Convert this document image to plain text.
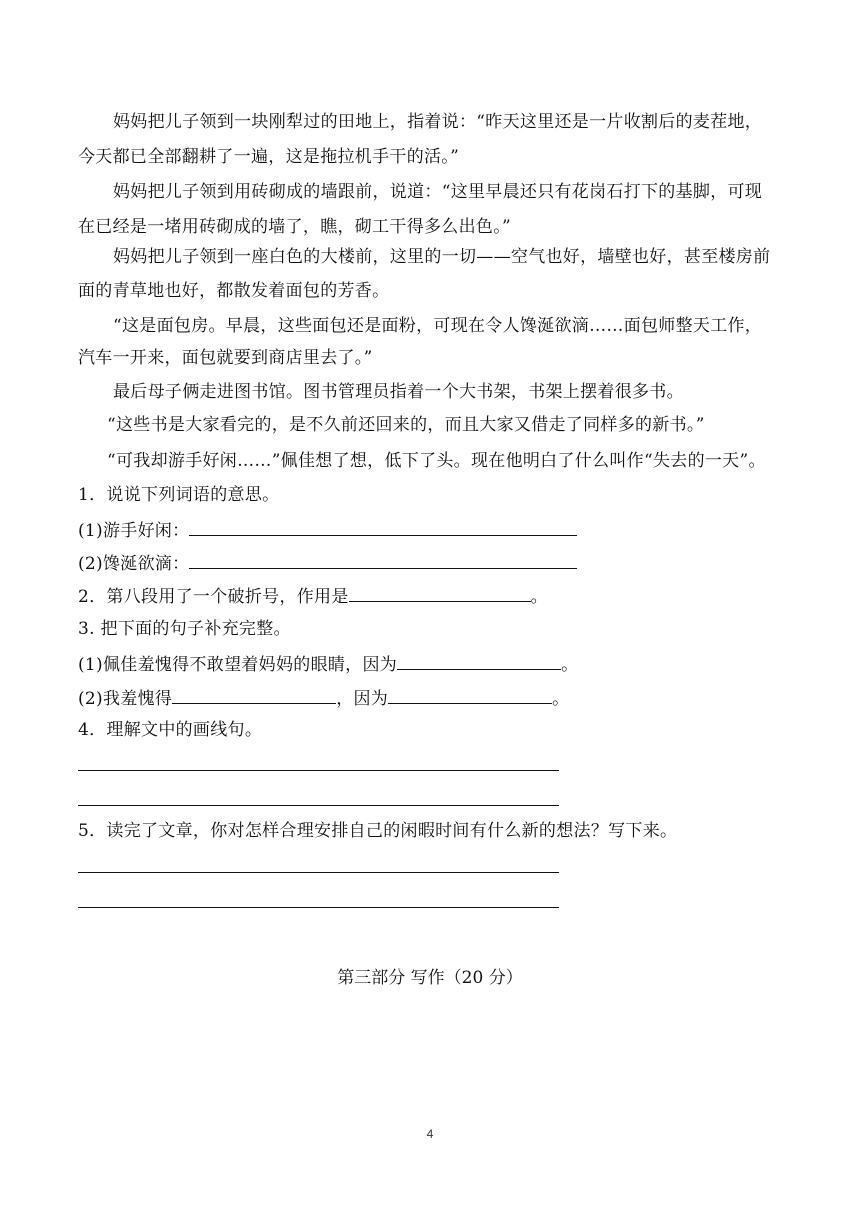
妈妈把儿子领到一块刚犁过的田地上，指着说：“昨天这里还是一片收割后的麦茬地，
今天都已全部翻耕了一遍，这是拖拉机手干的活。”
妈妈把儿子领到用砖砌成的墙跟前，说道：“这里早晨还只有花岗石打下的基脚，可现
在已经是一堵用砖砌成的墙了，瞧，砌工干得多么出色。”
妈妈把儿子领到一座白色的大楼前，这里的一切——空气也好，墙壁也好，甚至楼房前
面的青草地也好，都散发着面包的芳香。
“这是面包房。早晨，这些面包还是面粉，可现在令人馋涎欲滴……面包师整天工作，
汽车一开来，面包就要到商店里去了。”
最后母子俩走进图书馆。图书管理员指着一个大书架，书架上摆着很多书。
“这些书是大家看完的，是不久前还回来的，而且大家又借走了同样多的新书。”
“可我却游手好闲……”佩佳想了想，低下了头。现在他明白了什么叫作“失去的一天”。
1．说说下列词语的意思。
(1)游手好闲：
(2)馋涎欲滴：
2．第八段用了一个破折号，作用是	。
3. 把下面的句子补充完整。
(1)佩佳羞愧得不敢望着妈妈的眼睛，因为	。
(2)我羞愧得	，因为	。
4．理解文中的画线句。
5．读完了文章，你对怎样合理安排自己的闲暇时间有什么新的想法？写下来。
第三部分 写作（20 分）
4
